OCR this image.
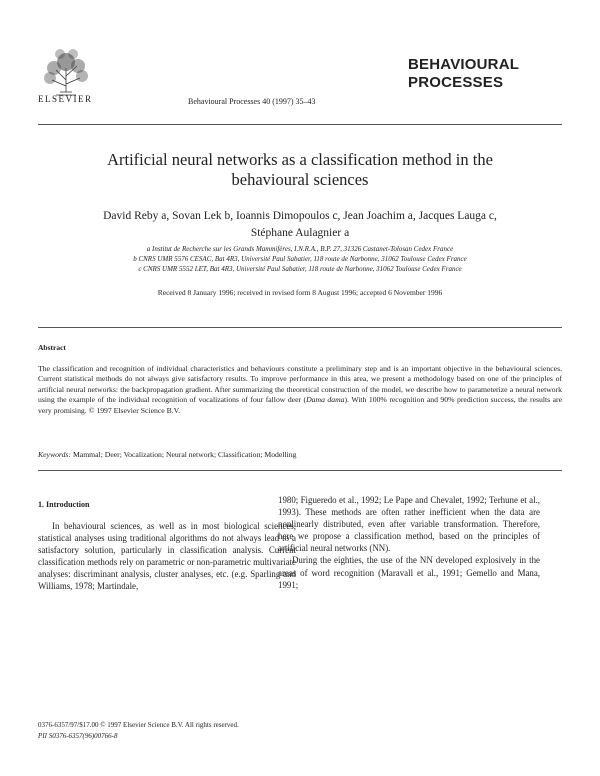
ELSEVIER	Behavioural Processes 40 (1997) 35–43
BEHAVIOURAL
PROCESSES
Artificial neural networks as a classification method in the
behavioural sciences
David Reby a, Sovan Lek b, Ioannis Dimopoulos c, Jean Joachim a, Jacques Lauga c,
Stéphane Aulagnier a
a Institut de Recherche sur les Grands Mammifères, I.N.R.A., B.P. 27, 31326 Castanet-Tolosan Cedex France
b CNRS UMR 5576 CESAC, Bat 4R3, Université Paul Sabatier, 118 route de Narbonne, 31062 Toulouse Cedex France
c CNRS UMR 5552 LET, Bat 4R3, Université Paul Sabatier, 118 route de Narbonne, 31062 Toulouse Cedex France
Received 8 January 1996; received in revised form 8 August 1996; accepted 6 November 1996
Abstract
The classification and recognition of individual characteristics and behaviours constitute a preliminary step and is an important objective in the behavioural sciences. Current statistical methods do not always give satisfactory results. To improve performance in this area, we present a methodology based on one of the principles of artificial neural networks: the backpropagation gradient. After summarizing the theoretical construction of the model, we describe how to parameterize a neural network using the example of the individual recognition of vocalizations of four fallow deer (Dama dama). With 100% recognition and 90% prediction success, the results are very promising. © 1997 Elsevier Science B.V.
Keywords: Mammal; Deer; Vocalization; Neural network; Classification; Modelling
1. Introduction

In behavioural sciences, as well as in most biological sciences, statistical analyses using traditional algorithms do not always lead to a satisfactory solution, particularly in classification analysis. Current classification methods rely on parametric or non-parametric multivariate analyses: discriminant analysis, cluster analyses, etc. (e.g. Sparling and Williams, 1978; Martindale,

1980; Figueredo et al., 1992; Le Pape and Chevalet, 1992; Terhune et al., 1993). These methods are often rather inefficient when the data are nonlinearly distributed, even after variable transformation. Therefore, here we propose a classification method, based on the principles of artificial neural networks (NN).

During the eighties, the use of the NN developed explosively in the areas of word recognition (Maravall et al., 1991; Gemello and Mana, 1991;

0376-6357/97/$17.00 © 1997 Elsevier Science B.V. All rights reserved.
PII S0376-6357(96)00766-8
